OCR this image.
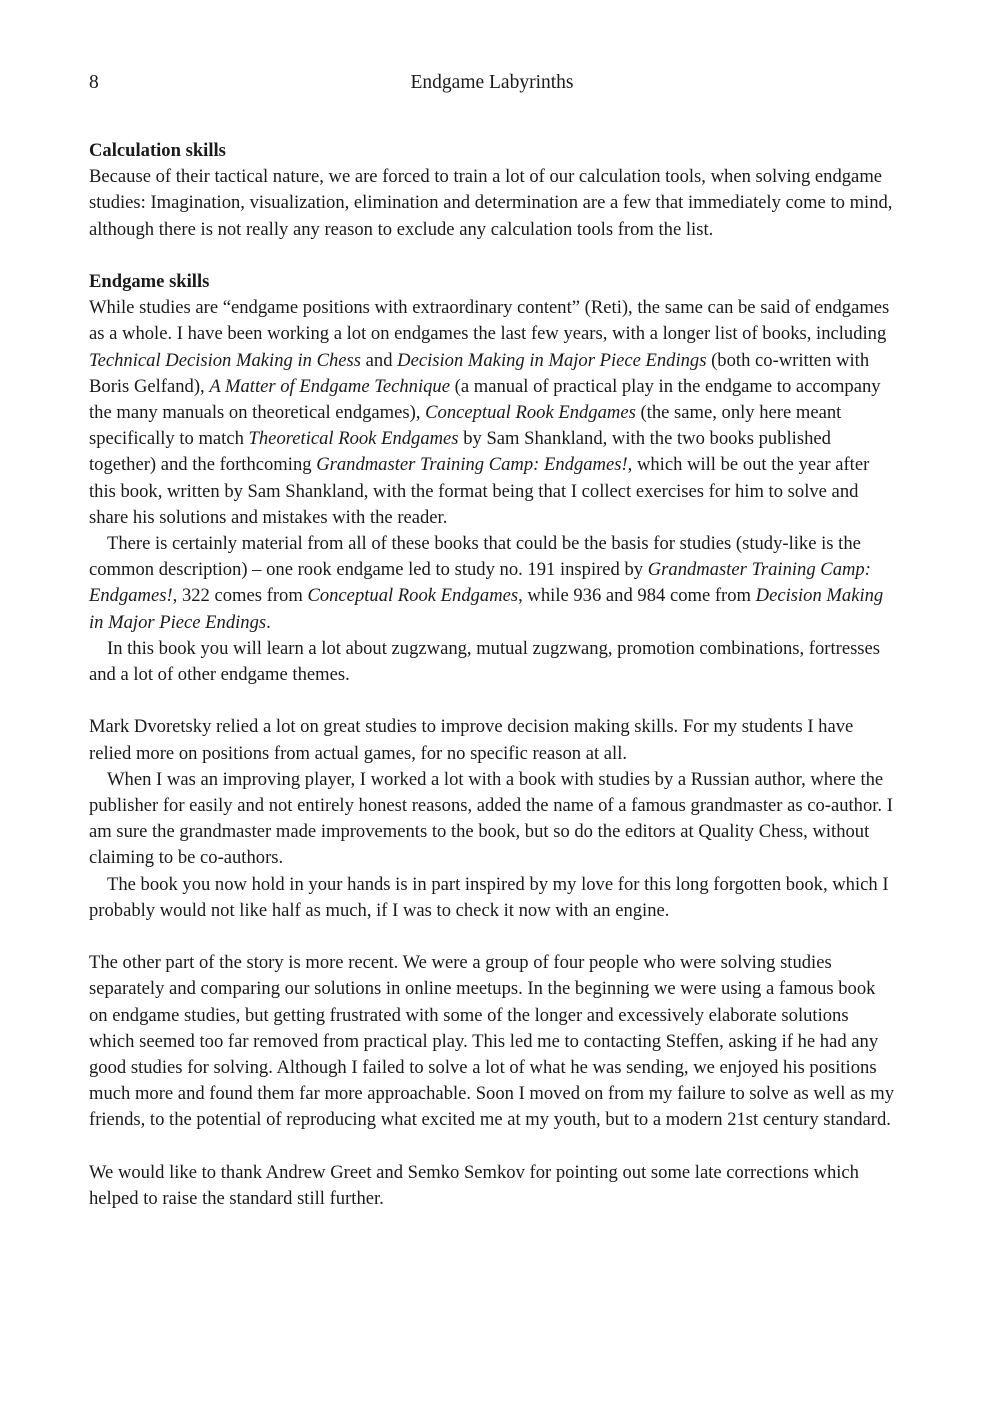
8	Endgame Labyrinths
Calculation skills

Because of their tactical nature, we are forced to train a lot of our calculation tools, when solving endgame studies: Imagination, visualization, elimination and determination are a few that immediately come to mind, although there is not really any reason to exclude any calculation tools from the list.

Endgame skills

While studies are “endgame positions with extraordinary content” (Reti), the same can be said of endgames as a whole. I have been working a lot on endgames the last few years, with a longer list of books, including Technical Decision Making in Chess and Decision Making in Major Piece Endings (both co-written with Boris Gelfand), A Matter of Endgame Technique (a manual of practical play in the endgame to accompany the many manuals on theoretical endgames), Conceptual Rook Endgames (the same, only here meant specifically to match Theoretical Rook Endgames by Sam Shankland, with the two books published together) and the forthcoming Grandmaster Training Camp: Endgames!, which will be out the year after this book, written by Sam Shankland, with the format being that I collect exercises for him to solve and share his solutions and mistakes with the reader.

There is certainly material from all of these books that could be the basis for studies (study-like is the common description) – one rook endgame led to study no. 191 inspired by Grandmaster Training Camp: Endgames!, 322 comes from Conceptual Rook Endgames, while 936 and 984 come from Decision Making in Major Piece Endings.

In this book you will learn a lot about zugzwang, mutual zugzwang, promotion combinations, fortresses and a lot of other endgame themes.

Mark Dvoretsky relied a lot on great studies to improve decision making skills. For my students I have relied more on positions from actual games, for no specific reason at all.

When I was an improving player, I worked a lot with a book with studies by a Russian author, where the publisher for easily and not entirely honest reasons, added the name of a famous grandmaster as co-author. I am sure the grandmaster made improvements to the book, but so do the editors at Quality Chess, without claiming to be co-authors.

The book you now hold in your hands is in part inspired by my love for this long forgotten book, which I probably would not like half as much, if I was to check it now with an engine.

The other part of the story is more recent. We were a group of four people who were solving studies separately and comparing our solutions in online meetups. In the beginning we were using a famous book on endgame studies, but getting frustrated with some of the longer and excessively elaborate solutions which seemed too far removed from practical play. This led me to contacting Steffen, asking if he had any good studies for solving. Although I failed to solve a lot of what he was sending, we enjoyed his positions much more and found them far more approachable. Soon I moved on from my failure to solve as well as my friends, to the potential of reproducing what excited me at my youth, but to a modern 21st century standard.

We would like to thank Andrew Greet and Semko Semkov for pointing out some late corrections which helped to raise the standard still further.
